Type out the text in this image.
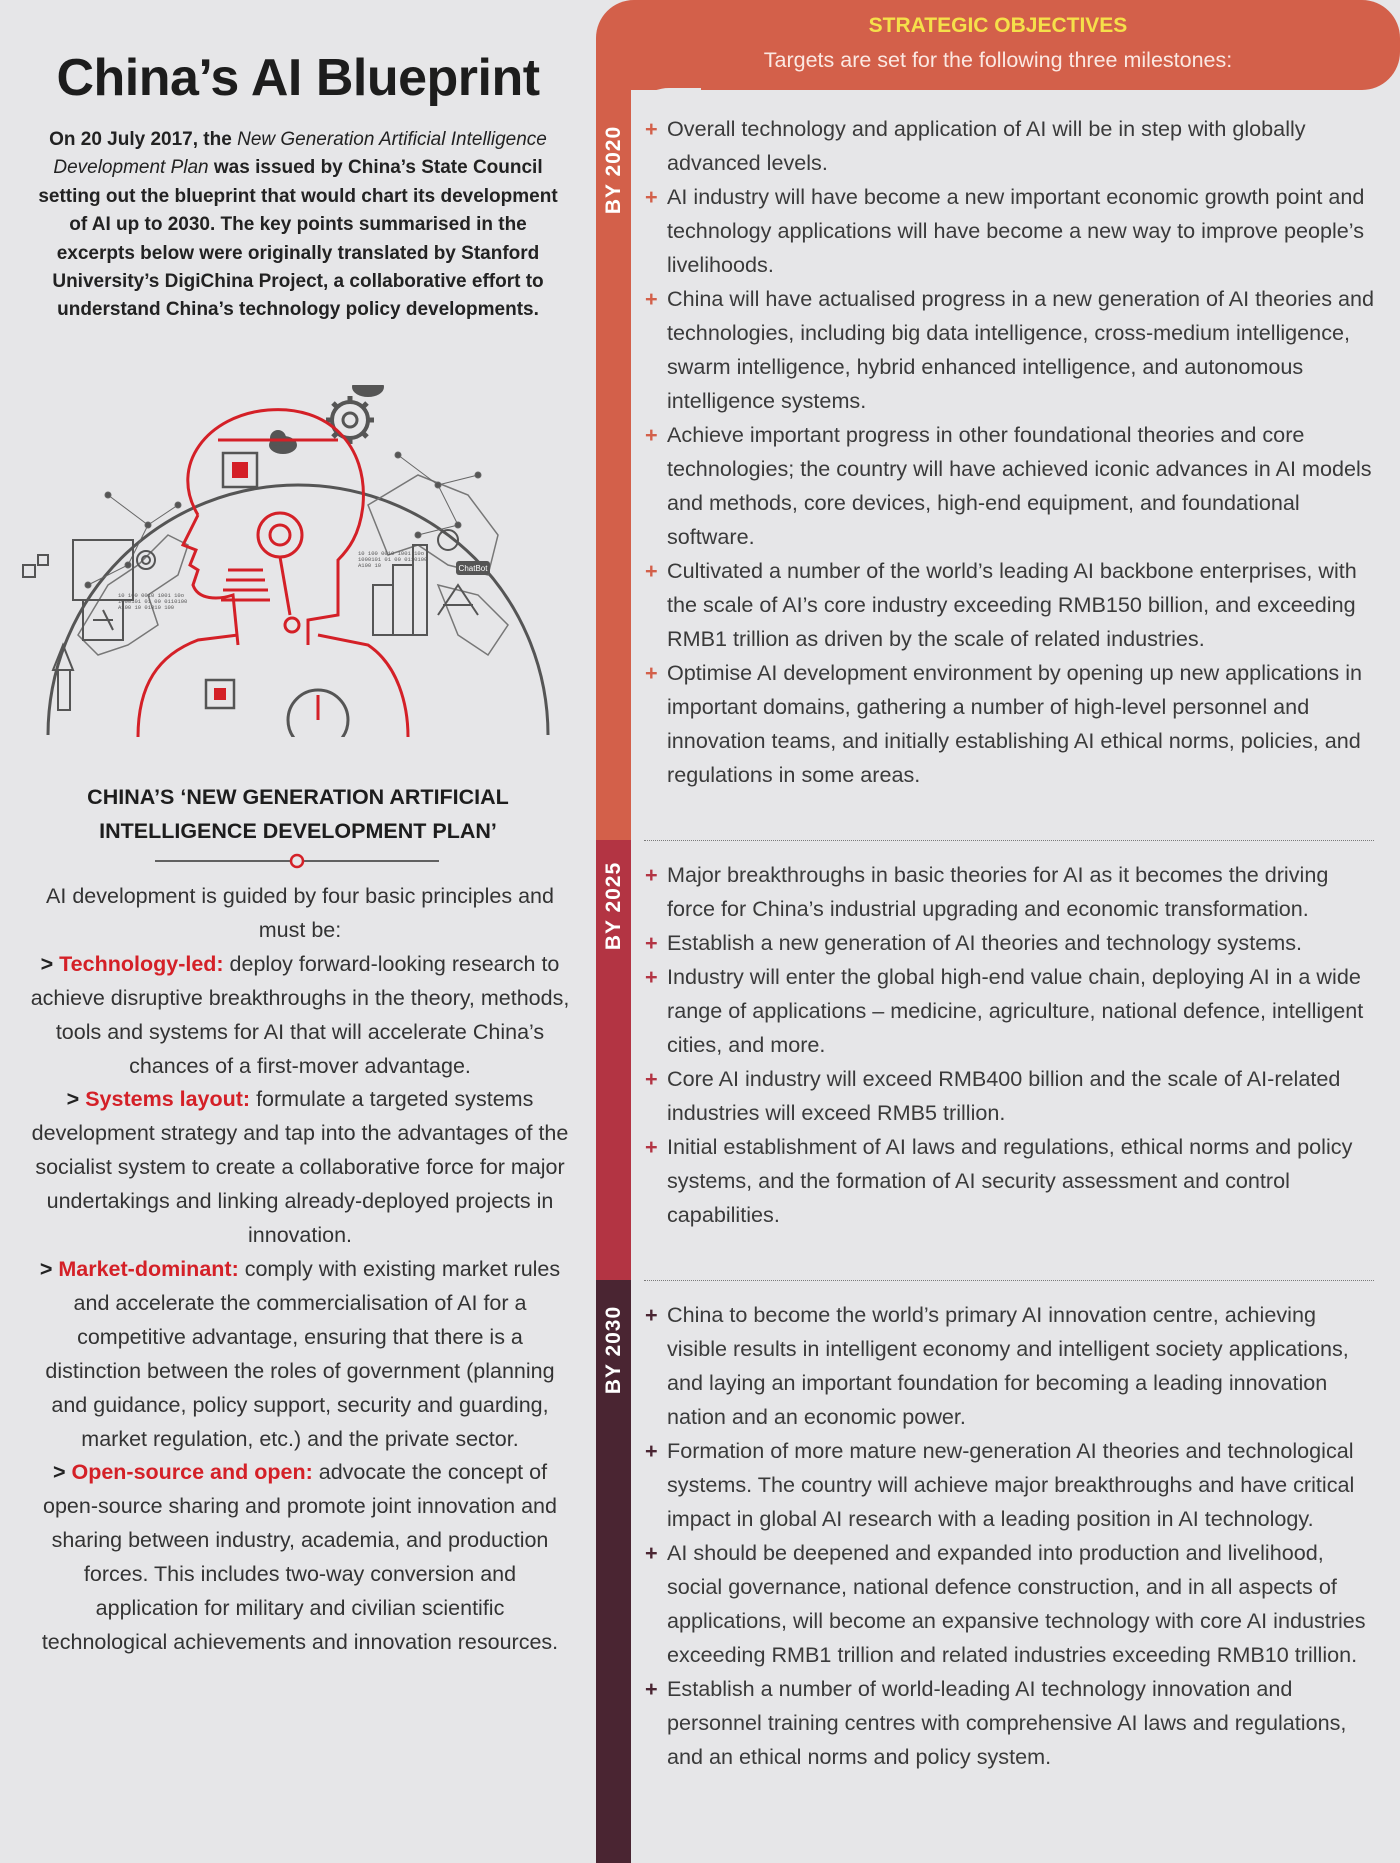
China’s AI Blueprint

On 20 July 2017, the New Generation Artificial Intelligence Development Plan was issued by China’s State Council setting out the blueprint that would chart its development of AI up to 2030. The key points summarised in the excerpts below were originally translated by Stanford University’s DigiChina Project, a collaborative effort to understand China’s technology policy developments.

ChatBot
10 100 0010 1001 10o
1000101 01 00 0110100
A100 10 01010 100
10 100 0010 1001 10o
1000101 01 00 0110100
A100 10
CHINA’S ‘NEW GENERATION ARTIFICIAL INTELLIGENCE DEVELOPMENT PLAN’

AI development is guided by four basic principles and must be:

> Technology-led: deploy forward-looking research to achieve disruptive breakthroughs in the theory, methods, tools and systems for AI that will accelerate China’s chances of a first-mover advantage.

> Systems layout: formulate a targeted systems development strategy and tap into the advantages of the socialist system to create a collaborative force for major undertakings and linking already-deployed projects in innovation.

> Market-dominant: comply with existing market rules and accelerate the commercialisation of AI for a competitive advantage, ensuring that there is a distinction between the roles of government (planning and guidance, policy support, security and guarding, market regulation, etc.) and the private sector.

> Open-source and open: advocate the concept of open-source sharing and promote joint innovation and sharing between industry, academia, and production forces. This includes two-way conversion and application for military and civilian scientific technological achievements and innovation resources.

STRATEGIC OBJECTIVES
Targets are set for the following three milestones:
BY 2020
BY 2025
BY 2030
+ Overall technology and application of AI will be in step with globally advanced levels.
+ AI industry will have become a new important economic growth point and technology applications will have become a new way to improve people’s livelihoods.
+ China will have actualised progress in a new generation of AI theories and technologies, including big data intelligence, cross-medium intelligence, swarm intelligence, hybrid enhanced intelligence, and autonomous intelligence systems.
+ Achieve important progress in other foundational theories and core technologies; the country will have achieved iconic advances in AI models and methods, core devices, high-end equipment, and foundational software.
+ Cultivated a number of the world’s leading AI backbone enterprises, with the scale of AI’s core industry exceeding RMB150 billion, and exceeding RMB1 trillion as driven by the scale of related industries.
+ Optimise AI development environment by opening up new applications in important domains, gathering a number of high-level personnel and innovation teams, and initially establishing AI ethical norms, policies, and regulations in some areas.
+ Major breakthroughs in basic theories for AI as it becomes the driving force for China’s industrial upgrading and economic transformation.
+ Establish a new generation of AI theories and technology systems.
+ Industry will enter the global high-end value chain, deploying AI in a wide range of applications – medicine, agriculture, national defence, intelligent cities, and more.
+ Core AI industry will exceed RMB400 billion and the scale of AI-related industries will exceed RMB5 trillion.
+ Initial establishment of AI laws and regulations, ethical norms and policy systems, and the formation of AI security assessment and control capabilities.
+ China to become the world’s primary AI innovation centre, achieving visible results in intelligent economy and intelligent society applications, and laying an important foundation for becoming a leading innovation nation and an economic power.
+ Formation of more mature new-generation AI theories and technological systems. The country will achieve major breakthroughs and have critical impact in global AI research with a leading position in AI technology.
+ AI should be deepened and expanded into production and livelihood, social governance, national defence construction, and in all aspects of applications, will become an expansive technology with core AI industries exceeding RMB1 trillion and related industries exceeding RMB10 trillion.
+ Establish a number of world-leading AI technology innovation and personnel training centres with comprehensive AI laws and regulations, and an ethical norms and policy system.
